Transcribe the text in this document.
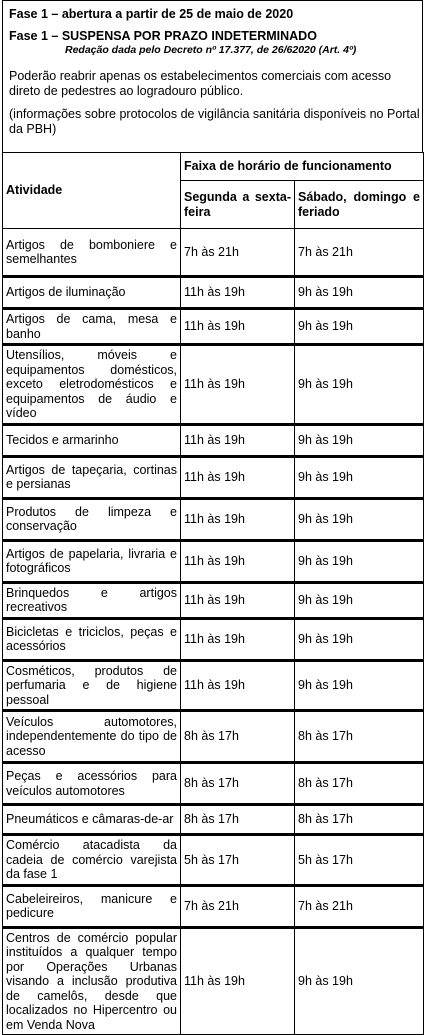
Fase 1 – abertura a partir de 25 de maio de 2020
Fase 1 – SUSPENSA POR PRAZO INDETERMINADO
Redação dada pelo Decreto nº 17.377, de 26/62020 (Art. 4º)
Poderão reabrir apenas os estabelecimentos comerciais com acesso direto de pedestres ao logradouro público.
(informações sobre protocolos de vigilância sanitária disponíveis no Portal da PBH)
Atividade	Faixa de horário de funcionamento	
	Segunda a sexta-feira	Sábado, domingo e feriado
Artigos de bomboniere e semelhantes	7h às 21h	7h às 21h
Artigos de iluminação	11h às 19h	9h às 19h
Artigos de cama, mesa e banho	11h às 19h	9h às 19h
Utensílios, móveis e equipamentos domésticos, exceto eletrodomésticos e equipamentos de áudio e vídeo	11h às 19h	9h às 19h
Tecidos e armarinho	11h às 19h	9h às 19h
Artigos de tapeçaria, cortinas e persianas	11h às 19h	9h às 19h
Produtos de limpeza e conservação	11h às 19h	9h às 19h
Artigos de papelaria, livraria e fotográficos	11h às 19h	9h às 19h
Brinquedos e artigos recreativos	11h às 19h	9h às 19h
Bicicletas e triciclos, peças e acessórios	11h às 19h	9h às 19h
Cosméticos, produtos de perfumaria e de higiene pessoal	11h às 19h	9h às 19h
Veículos automotores, independentemente do tipo de acesso	8h às 17h	8h às 17h
Peças e acessórios para veículos automotores	8h às 17h	8h às 17h
Pneumáticos e câmaras-de-ar	8h às 17h	8h às 17h
Comércio atacadista da cadeia de comércio varejista da fase 1	5h às 17h	5h às 17h
Cabeleireiros, manicure e pedicure	7h às 21h	7h às 21h
Centros de comércio popular instituídos a qualquer tempo por Operações Urbanas visando a inclusão produtiva de camelôs, desde que localizados no Hipercentro ou em Venda Nova	11h às 19h	9h às 19h
